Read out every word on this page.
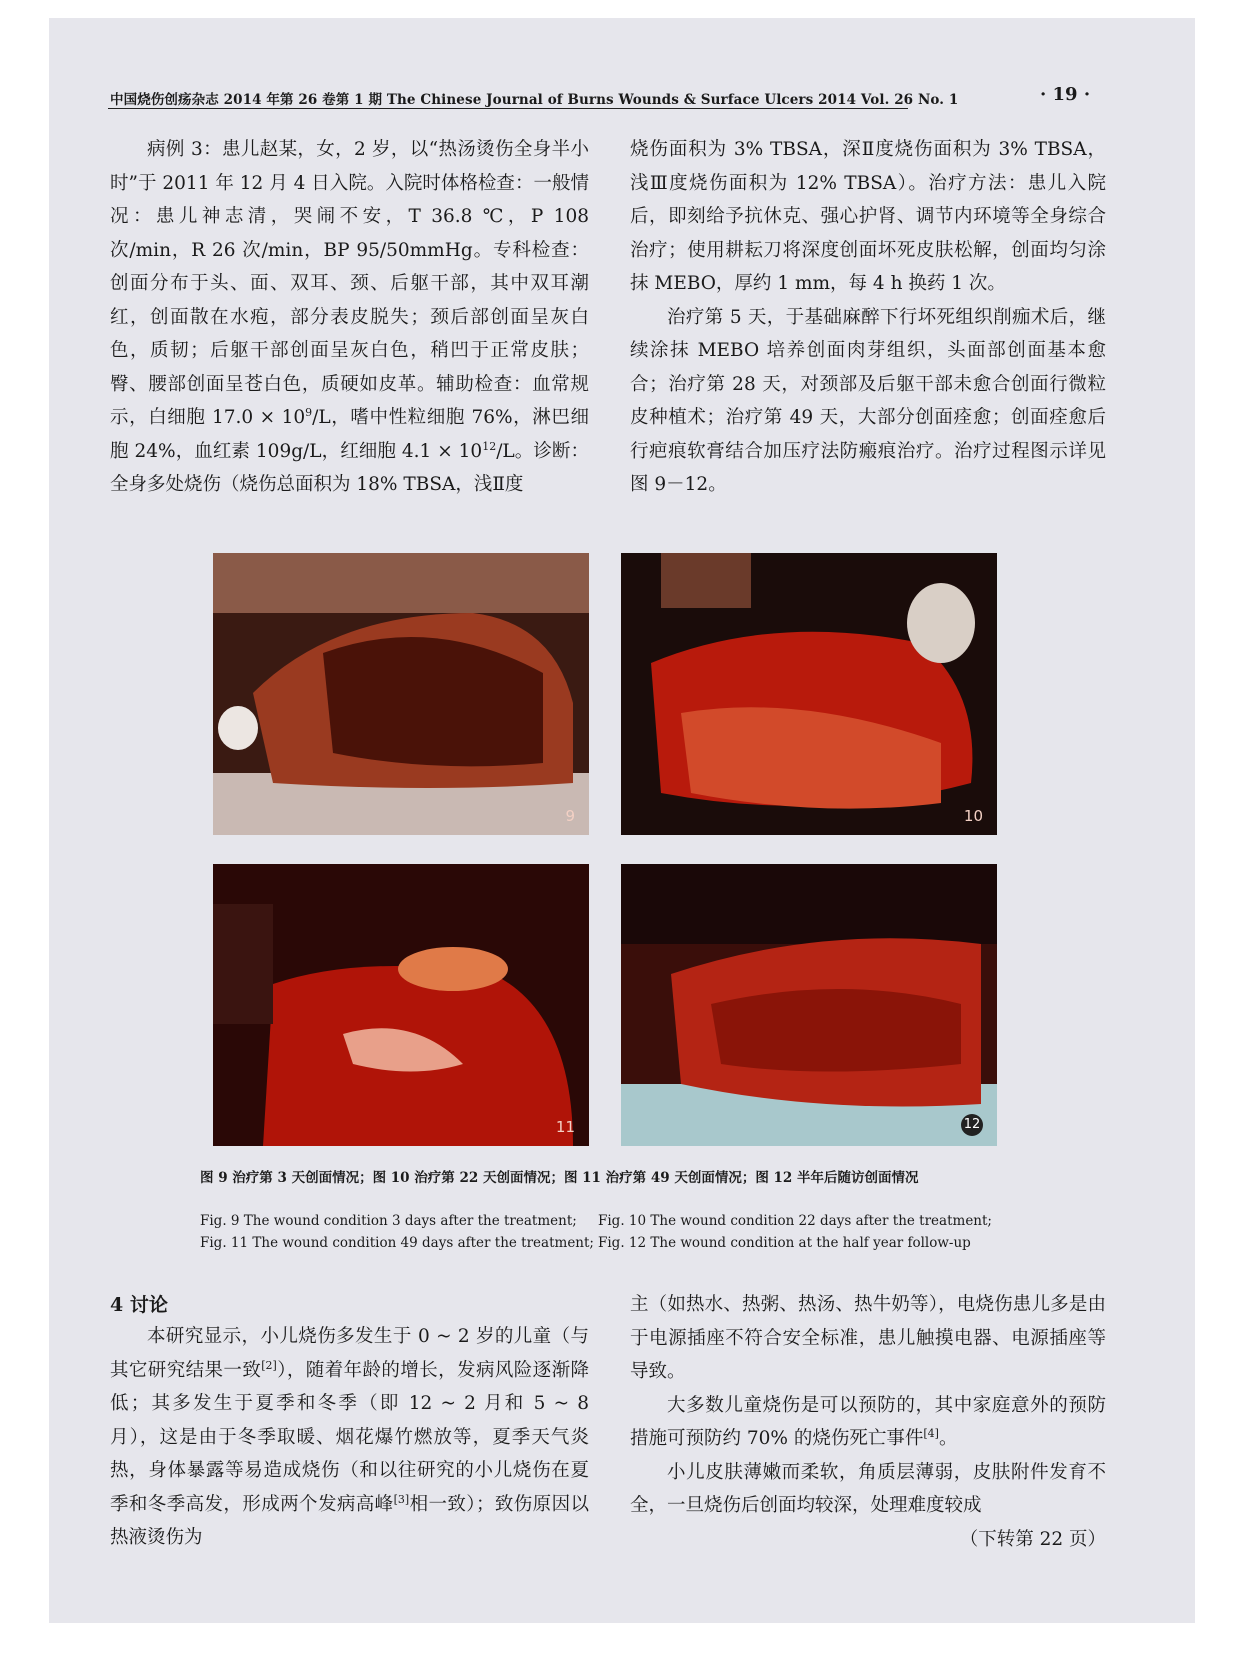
中国烧伤创疡杂志 2014 年第 26 卷第 1 期 The Chinese Journal of Burns Wounds & Surface Ulcers 2014 Vol. 26 No. 1	· 19 ·

病例 3：患儿赵某，女，2 岁，以“热汤烫伤全身半小时”于 2011 年 12 月 4 日入院。入院时体格检查：一般情况：患儿神志清，哭闹不安，T 36.8 ℃，P 108 次/min，R 26 次/min，BP 95/50mmHg。专科检查：创面分布于头、面、双耳、颈、后躯干部，其中双耳潮红，创面散在水疱，部分表皮脱失；颈后部创面呈灰白色，质韧；后躯干部创面呈灰白色，稍凹于正常皮肤；臀、腰部创面呈苍白色，质硬如皮革。辅助检查：血常规示，白细胞 $17.0 \times 10^9/L$，嗜中性粒细胞 76%，淋巴细胞 24%，血红素 109g/L，红细胞 $4.1 \times 10^{12}/L$。诊断：全身多处烧伤（烧伤总面积为 18% TBSA，浅Ⅱ度

烧伤面积为 3% TBSA，深Ⅱ度烧伤面积为 3% TBSA，浅Ⅲ度烧伤面积为 12% TBSA）。治疗方法：患儿入院后，即刻给予抗休克、强心护肾、调节内环境等全身综合治疗；使用耕耘刀将深度创面坏死皮肤松解，创面均匀涂抹 MEBO，厚约 1 mm，每 4 h 换药 1 次。

治疗第 5 天，于基础麻醉下行坏死组织削痂术后，继续涂抹 MEBO 培养创面肉芽组织，头面部创面基本愈合；治疗第 28 天，对颈部及后躯干部未愈合创面行微粒皮种植术；治疗第 49 天，大部分创面痊愈；创面痊愈后行疤痕软膏结合加压疗法防瘢痕治疗。治疗过程图示详见图 9－12。

9	10
11	12
图 9 治疗第 3 天创面情况；图 10 治疗第 22 天创面情况；图 11 治疗第 49 天创面情况；图 12 半年后随访创面情况
Fig. 9 The wound condition 3 days after the treatment; Fig. 10 The wound condition 22 days after the treatment;
Fig. 11 The wound condition 49 days after the treatment; Fig. 12 The wound condition at the half year follow-up
4 讨论

本研究显示，小儿烧伤多发生于 0 ~ 2 岁的儿童（与其它研究结果一致[2]），随着年龄的增长，发病风险逐渐降低；其多发生于夏季和冬季（即 12 ~ 2 月和 5 ~ 8 月），这是由于冬季取暖、烟花爆竹燃放等，夏季天气炎热，身体暴露等易造成烧伤（和以往研究的小儿烧伤在夏季和冬季高发，形成两个发病高峰[3]相一致）；致伤原因以热液烫伤为

主（如热水、热粥、热汤、热牛奶等），电烧伤患儿多是由于电源插座不符合安全标准，患儿触摸电器、电源插座等导致。

大多数儿童烧伤是可以预防的，其中家庭意外的预防措施可预防约 70% 的烧伤死亡事件[4]。

小儿皮肤薄嫩而柔软，角质层薄弱，皮肤附件发育不全，一旦烧伤后创面均较深，处理难度较成

（下转第 22 页）
